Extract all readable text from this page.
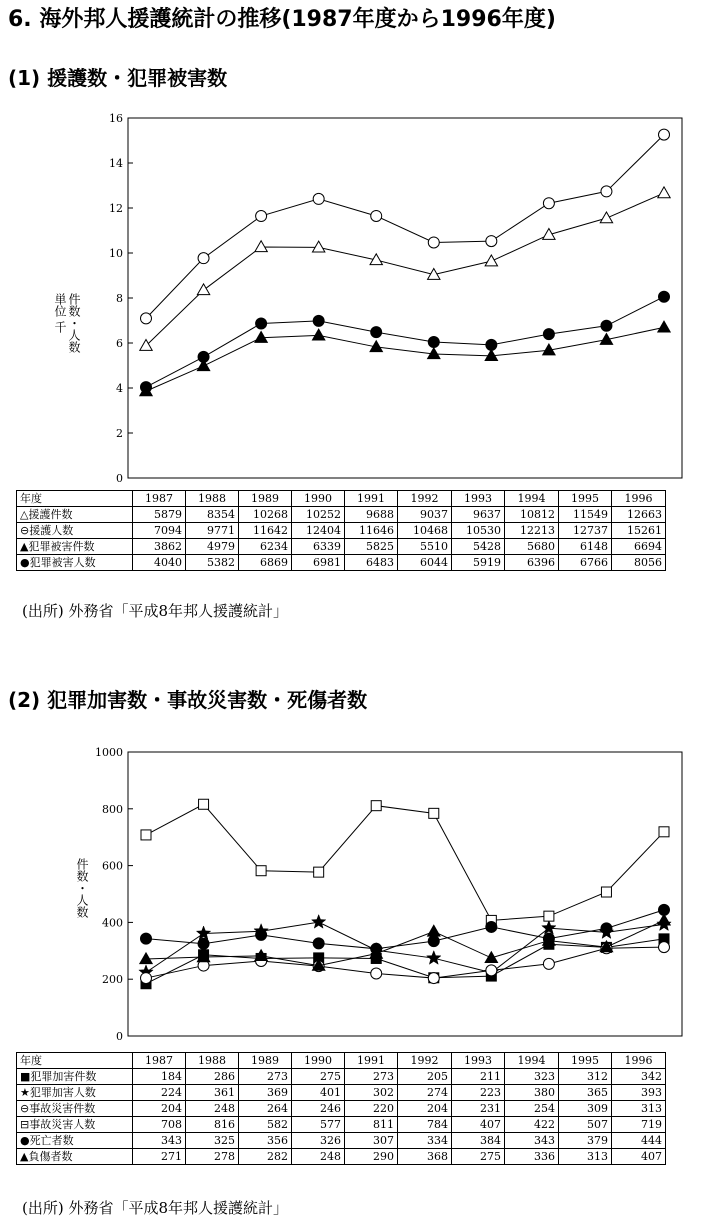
6. 海外邦人援護統計の推移(1987年度から1996年度)
(1) 援護数・犯罪被害数
0
2
4
6
8
10
12
14
16
件数・人数
単位 千
年度	1987	1988	1989	1990	1991	1992	1993	1994	1995	1996
△援護件数	5879	8354	10268	10252	9688	9037	9637	10812	11549	12663
⊖援護人数	7094	9771	11642	12404	11646	10468	10530	12213	12737	15261
▲犯罪被害件数	3862	4979	6234	6339	5825	5510	5428	5680	6148	6694
●犯罪被害人数	4040	5382	6869	6981	6483	6044	5919	6396	6766	8056
(出所) 外務省「平成8年邦人援護統計」
(2) 犯罪加害数・事故災害数・死傷者数
0
200
400
600
800
1000
件数・人数
年度	1987	1988	1989	1990	1991	1992	1993	1994	1995	1996
■犯罪加害件数	184	286	273	275	273	205	211	323	312	342
★犯罪加害人数	224	361	369	401	302	274	223	380	365	393
⊖事故災害件数	204	248	264	246	220	204	231	254	309	313
⊟事故災害人数	708	816	582	577	811	784	407	422	507	719
●死亡者数	343	325	356	326	307	334	384	343	379	444
▲負傷者数	271	278	282	248	290	368	275	336	313	407
(出所) 外務省「平成8年邦人援護統計」
